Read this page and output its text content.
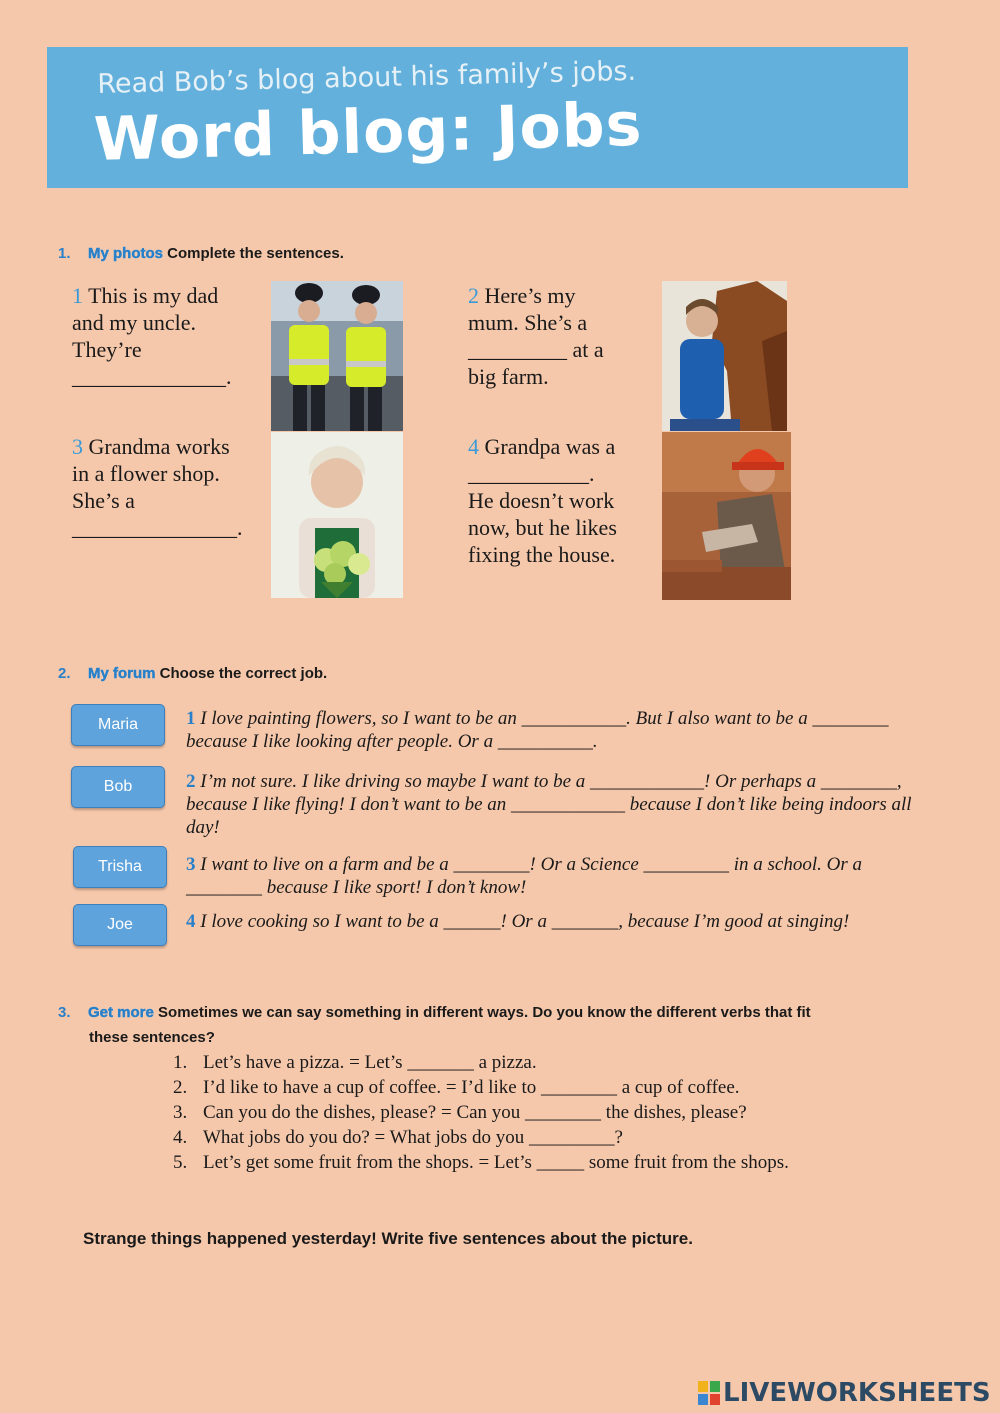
Read Bob’s blog about his family’s jobs.
Word blog: Jobs
1. My photos Complete the sentences.
1 This is my dad
and my uncle.
They’re
______________.
2 Here’s my
mum. She’s a
_________ at a
big farm.
3 Grandma works
in a flower shop.
She’s a
_______________.
4 Grandpa was a
___________.
He doesn’t work
now, but he likes
fixing the house.
2. My forum Choose the correct job.
Maria	1 I love painting flowers, so I want to be an ___________. But I also want to be a ________ because I like looking after people. Or a __________.
Bob	2 I’m not sure. I like driving so maybe I want to be a ____________! Or perhaps a ________, because I like flying! I don’t want to be an ____________ because I don’t like being indoors all day!
Trisha	3 I want to live on a farm and be a ________! Or a Science _________ in a school. Or a ________ because I like sport! I don’t know!
Joe	4 I love cooking so I want to be a ______! Or a _______, because I’m good at singing!
3. Get more Sometimes we can say something in different ways. Do you know the different verbs that fit
these sentences?
1. Let’s have a pizza. = Let’s _______ a pizza.
2. I’d like to have a cup of coffee. = I’d like to ________ a cup of coffee.
3. Can you do the dishes, please? = Can you ________ the dishes, please?
4. What jobs do you do? = What jobs do you _________?
5. Let’s get some fruit from the shops. = Let’s _____ some fruit from the shops.
Strange things happened yesterday! Write five sentences about the picture.
LIVEWORKSHEETS
